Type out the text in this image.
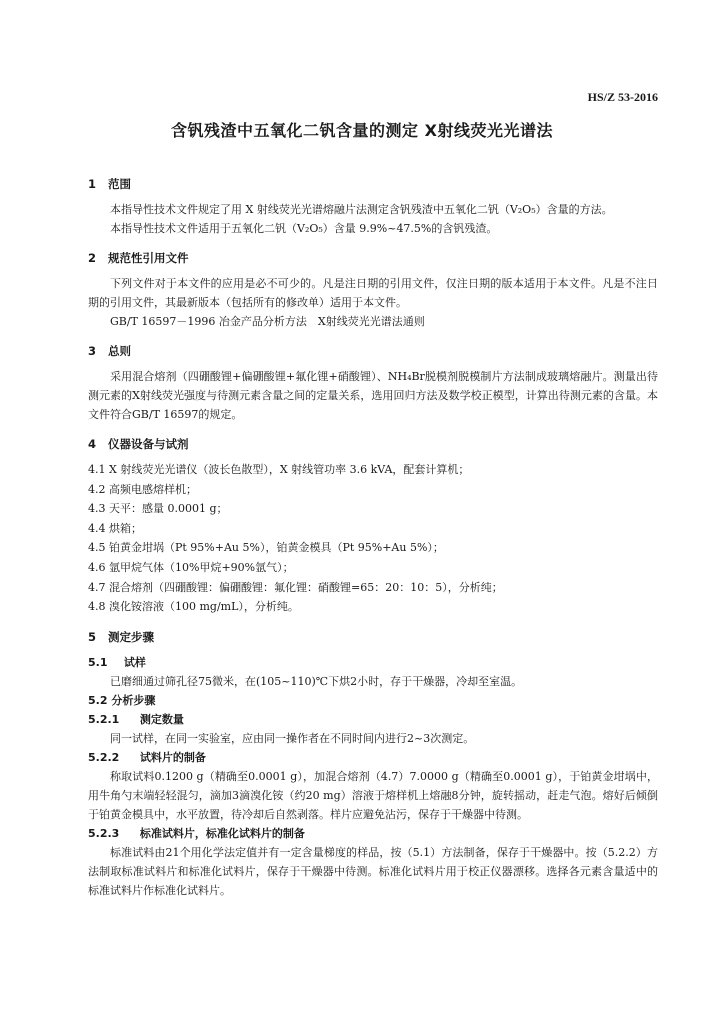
HS/Z 53-2016
含钒残渣中五氧化二钒含量的测定 X射线荧光光谱法
1 范围

本指导性技术文件规定了用 X 射线荧光光谱熔融片法测定含钒残渣中五氧化二钒（V₂O₅）含量的方法。

本指导性技术文件适用于五氧化二钒（V₂O₅）含量 9.9%~47.5%的含钒残渣。

2 规范性引用文件

下列文件对于本文件的应用是必不可少的。凡是注日期的引用文件，仅注日期的版本适用于本文件。凡是不注日期的引用文件，其最新版本（包括所有的修改单）适用于本文件。

GB/T 16597－1996 冶金产品分析方法　X射线荧光光谱法通则

3 总则

采用混合熔剂（四硼酸锂+偏硼酸锂+氟化锂+硝酸锂）、NH₄Br脱模剂脱模制片方法制成玻璃熔融片。测量出待测元素的X射线荧光强度与待测元素含量之间的定量关系，选用回归方法及数学校正模型，计算出待测元素的含量。本文件符合GB/T 16597的规定。

4 仪器设备与试剂

4.1 X 射线荧光光谱仪（波长色散型），X 射线管功率 3.6 kVA，配套计算机；

4.2 高频电感熔样机；

4.3 天平：感量 0.0001 g；

4.4 烘箱；

4.5 铂黄金坩埚（Pt 95%+Au 5%），铂黄金模具（Pt 95%+Au 5%）；

4.6 氩甲烷气体（10%甲烷+90%氩气）；

4.7 混合熔剂（四硼酸锂：偏硼酸锂：氟化锂：硝酸锂=65：20：10：5），分析纯；

4.8 溴化铵溶液（100 mg/mL），分析纯。

5 测定步骤
5.1 试样

已磨细通过筛孔径75微米，在(105~110)℃下烘2小时，存于干燥器，冷却至室温。

5.2 分析步骤
5.2.1 测定数量

同一试样，在同一实验室，应由同一操作者在不同时间内进行2~3次测定。

5.2.2 试料片的制备

称取试料0.1200 g（精确至0.0001 g），加混合熔剂（4.7）7.0000 g（精确至0.0001 g），于铂黄金坩埚中，用牛角勺末端轻轻混匀，滴加3滴溴化铵（约20 mg）溶液于熔样机上熔融8分钟，旋转摇动，赶走气泡。熔好后倾倒于铂黄金模具中，水平放置，待冷却后自然剥落。样片应避免沾污，保存于干燥器中待测。

5.2.3 标准试料片，标准化试料片的制备

标准试料由21个用化学法定值并有一定含量梯度的样品，按（5.1）方法制备，保存于干燥器中。按（5.2.2）方法制取标准试料片和标准化试料片，保存于干燥器中待测。标准化试料片用于校正仪器漂移。选择各元素含量适中的标准试料片作标准化试料片。
